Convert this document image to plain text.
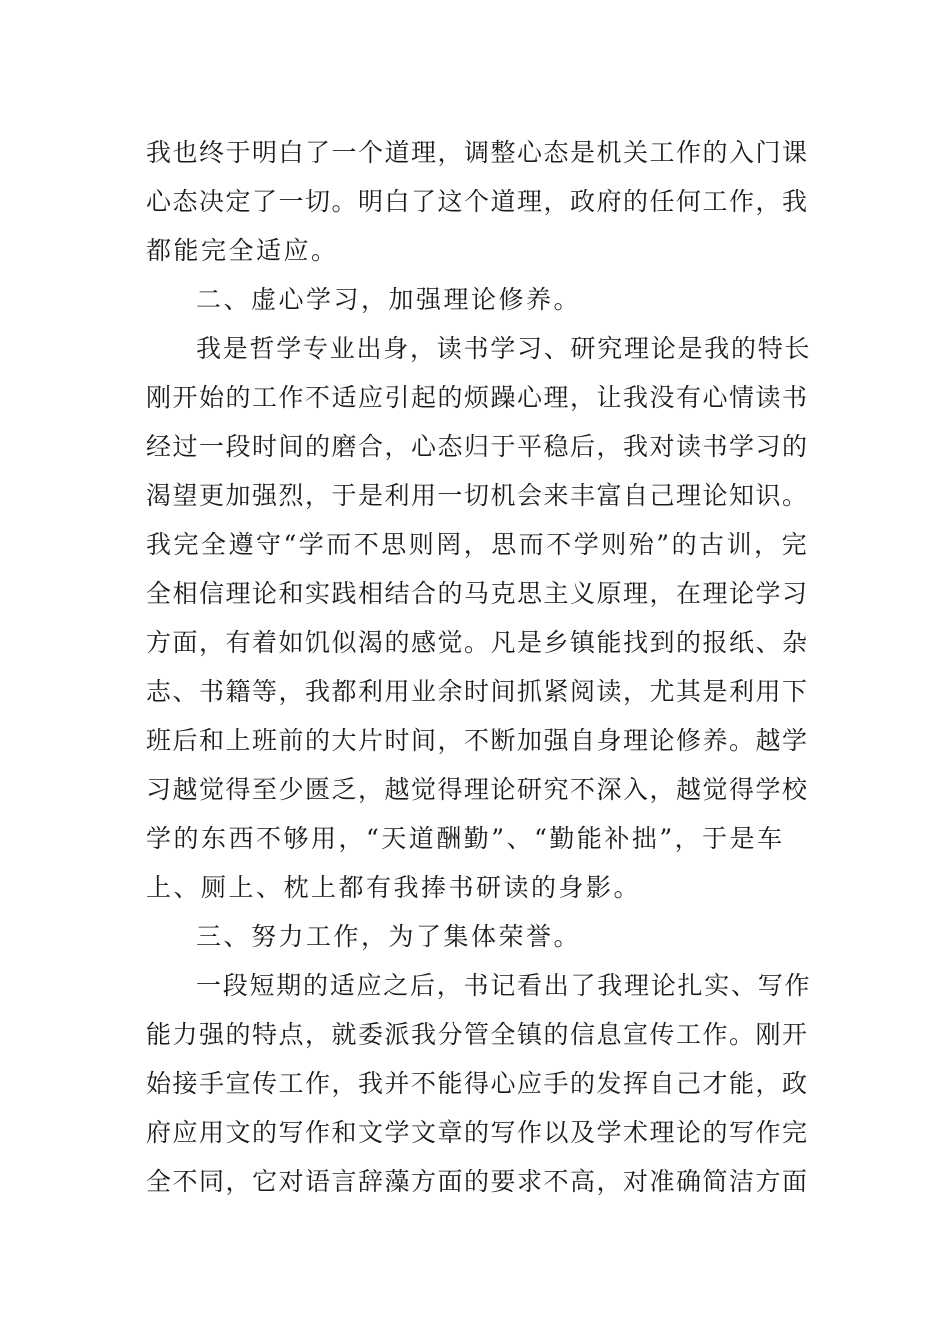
我也终于明白了一个道理，调整心态是机关工作的入门课
心态决定了一切。明白了这个道理，政府的任何工作，我
都能完全适应。
二、虚心学习，加强理论修养。
我是哲学专业出身，读书学习、研究理论是我的特长
刚开始的工作不适应引起的烦躁心理，让我没有心情读书
经过一段时间的磨合，心态归于平稳后，我对读书学习的
渴望更加强烈，于是利用一切机会来丰富自己理论知识。
我完全遵守“学而不思则罔，思而不学则殆”的古训，完
全相信理论和实践相结合的马克思主义原理，在理论学习
方面，有着如饥似渴的感觉。凡是乡镇能找到的报纸、杂
志、书籍等，我都利用业余时间抓紧阅读，尤其是利用下
班后和上班前的大片时间，不断加强自身理论修养。越学
习越觉得至少匮乏，越觉得理论研究不深入，越觉得学校
学的东西不够用，“天道酬勤”、“勤能补拙”，于是车
上、厕上、枕上都有我捧书研读的身影。
三、努力工作，为了集体荣誉。
一段短期的适应之后，书记看出了我理论扎实、写作
能力强的特点，就委派我分管全镇的信息宣传工作。刚开
始接手宣传工作，我并不能得心应手的发挥自己才能，政
府应用文的写作和文学文章的写作以及学术理论的写作完
全不同，它对语言辞藻方面的要求不高，对准确简洁方面
